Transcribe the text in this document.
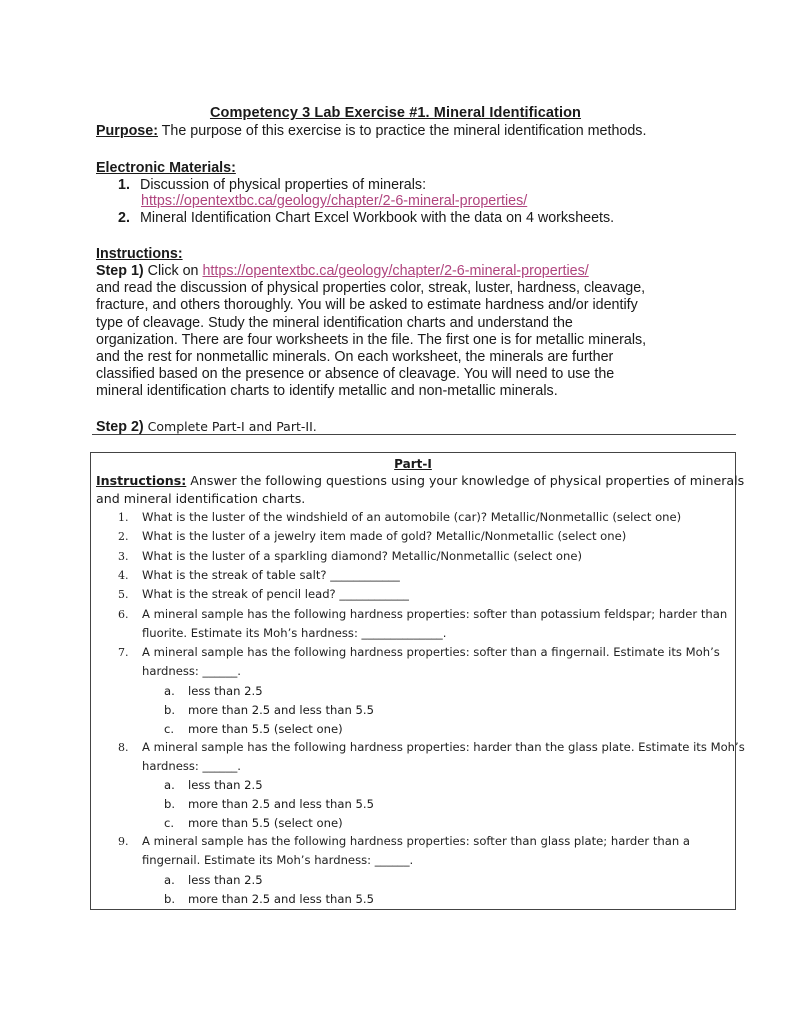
Competency 3 Lab Exercise #1. Mineral Identification
Purpose: The purpose of this exercise is to practice the mineral identification methods.
Electronic Materials:
1. Discussion of physical properties of minerals:
https://opentextbc.ca/geology/chapter/2-6-mineral-properties/
2. Mineral Identification Chart Excel Workbook with the data on 4 worksheets.
Instructions:
Step 1) Click on https://opentextbc.ca/geology/chapter/2-6-mineral-properties/
and read the discussion of physical properties color, streak, luster, hardness, cleavage,
fracture, and others thoroughly. You will be asked to estimate hardness and/or identify
type of cleavage. Study the mineral identification charts and understand the
organization. There are four worksheets in the file. The first one is for metallic minerals,
and the rest for nonmetallic minerals. On each worksheet, the minerals are further
classified based on the presence or absence of cleavage. You will need to use the
mineral identification charts to identify metallic and non-metallic minerals.
Step 2) Complete Part-I and Part-II.
Part-I
Instructions: Answer the following questions using your knowledge of physical properties of minerals
and mineral identification charts.
1.	What is the luster of the windshield of an automobile (car)? Metallic/Nonmetallic (select one)
2.	What is the luster of a jewelry item made of gold? Metallic/Nonmetallic (select one)
3.	What is the luster of a sparkling diamond? Metallic/Nonmetallic (select one)
4.	What is the streak of table salt? ____________
5.	What is the streak of pencil lead? ____________
6.	A mineral sample has the following hardness properties: softer than potassium feldspar; harder than
fluorite. Estimate its Moh’s hardness: ______________.
7.	A mineral sample has the following hardness properties: softer than a fingernail. Estimate its Moh’s
hardness: ______.
a. less than 2.5
b. more than 2.5 and less than 5.5
c. more than 5.5 (select one)
8.	A mineral sample has the following hardness properties: harder than the glass plate. Estimate its Moh’s
hardness: ______.
a. less than 2.5
b. more than 2.5 and less than 5.5
c. more than 5.5 (select one)
9.	A mineral sample has the following hardness properties: softer than glass plate; harder than a
fingernail. Estimate its Moh’s hardness: ______.
a. less than 2.5
b. more than 2.5 and less than 5.5
